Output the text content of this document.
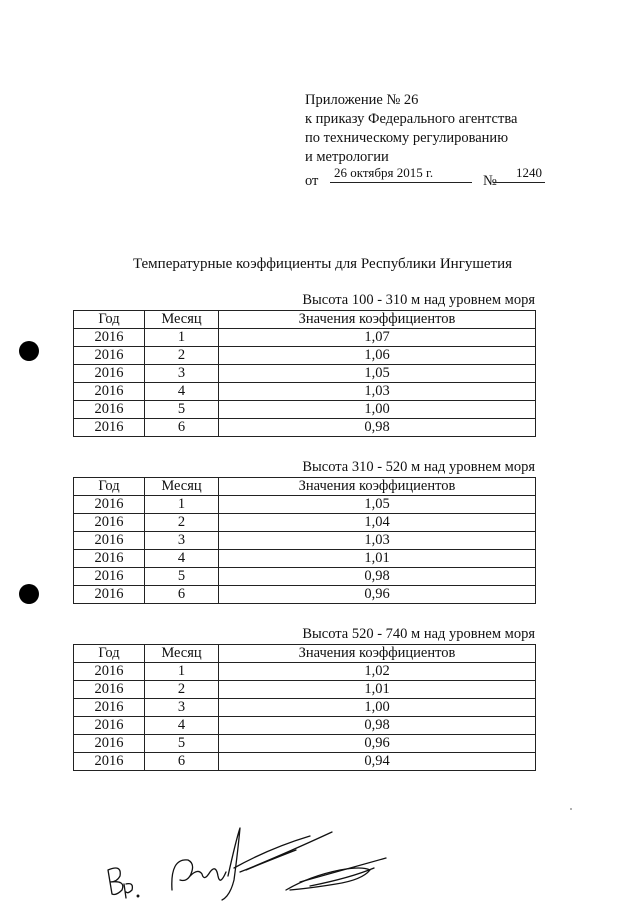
Приложение № 26
к приказу Федерального агентства
по техническому регулированию
и метрологии
от
26 октября 2015 г.
№
1240
Температурные коэффициенты для Республики Ингушетия
Высота 100 - 310 м над уровнем моря
Год	Месяц	Значения коэффициентов
2016	1	1,07
2016	2	1,06
2016	3	1,05
2016	4	1,03
2016	5	1,00
2016	6	0,98
Высота 310 - 520 м над уровнем моря
Год	Месяц	Значения коэффициентов
2016	1	1,05
2016	2	1,04
2016	3	1,03
2016	4	1,01
2016	5	0,98
2016	6	0,96
Высота 520 - 740 м над уровнем моря
Год	Месяц	Значения коэффициентов
2016	1	1,02
2016	2	1,01
2016	3	1,00
2016	4	0,98
2016	5	0,96
2016	6	0,94
